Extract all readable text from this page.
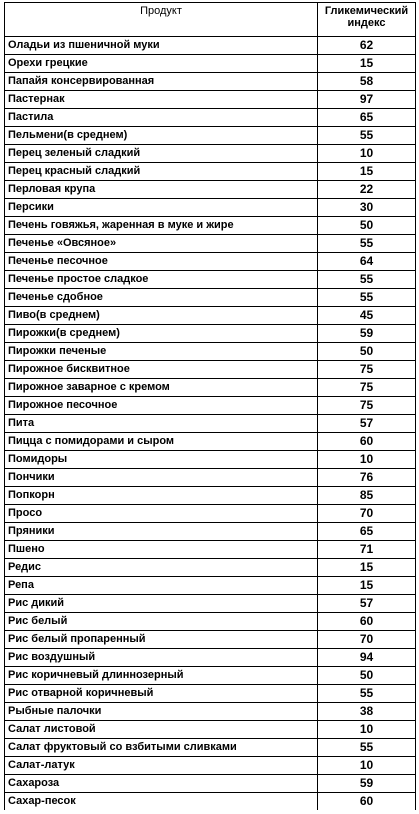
Продукт	Гликемический
индекс
Оладьи из пшеничной муки	62
Орехи грецкие	15
Папайя консервированная	58
Пастернак	97
Пастила	65
Пельмени(в среднем)	55
Перец зеленый сладкий	10
Перец красный сладкий	15
Перловая крупа	22
Персики	30
Печень говяжья, жаренная в муке и жире	50
Печенье «Овсяное»	55
Печенье песочное	64
Печенье простое сладкое	55
Печенье сдобное	55
Пиво(в среднем)	45
Пирожки(в среднем)	59
Пирожки печеные	50
Пирожное бисквитное	75
Пирожное заварное с кремом	75
Пирожное песочное	75
Пита	57
Пицца с помидорами и сыром	60
Помидоры	10
Пончики	76
Попкорн	85
Просо	70
Пряники	65
Пшено	71
Редис	15
Репа	15
Рис дикий	57
Рис белый	60
Рис белый пропаренный	70
Рис воздушный	94
Рис коричневый длиннозерный	50
Рис отварной коричневый	55
Рыбные палочки	38
Салат листовой	10
Салат фруктовый со взбитыми сливками	55
Салат-латук	10
Сахароза	59
Сахар-песок	60
